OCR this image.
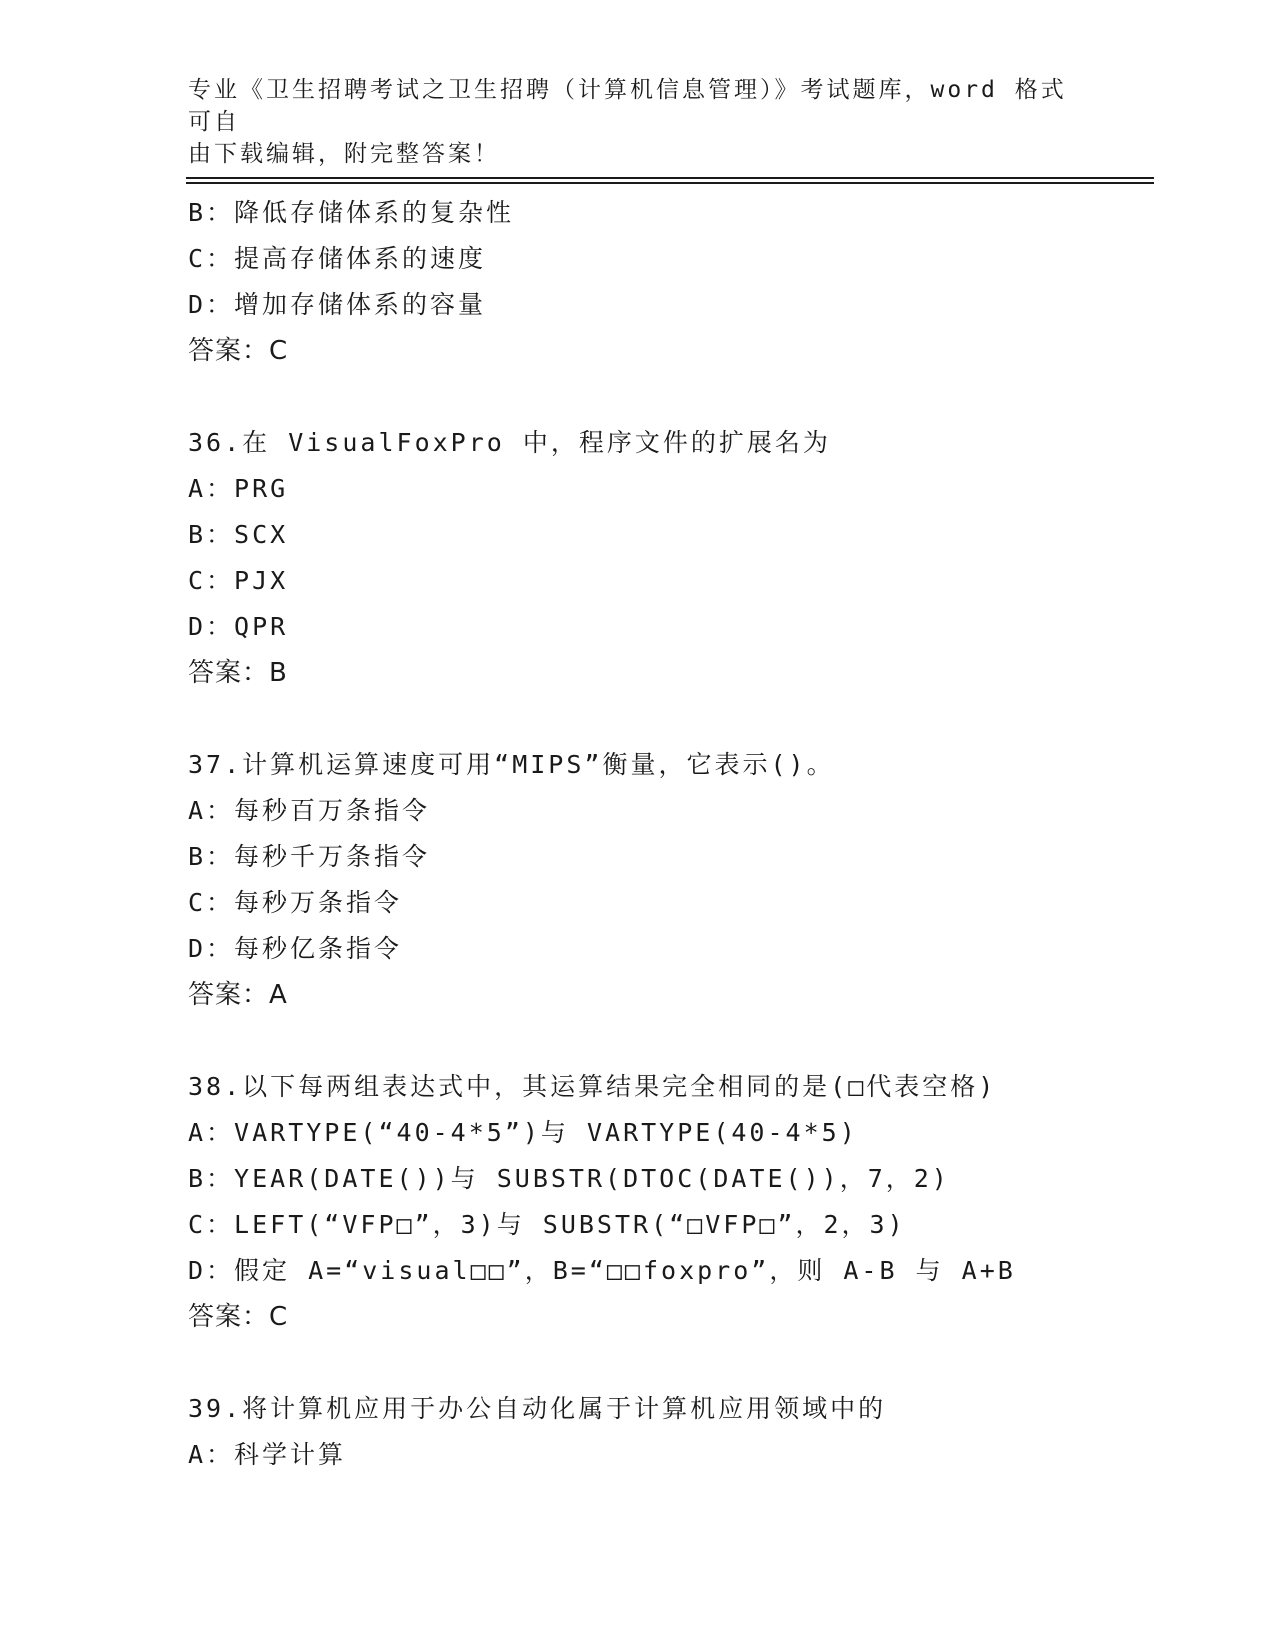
专业《卫生招聘考试之卫生招聘（计算机信息管理）》考试题库，word 格式可自
由下载编辑，附完整答案！
B：降低存储体系的复杂性
C：提高存储体系的速度
D：增加存储体系的容量
答案：C
36.在 VisualFoxPro 中，程序文件的扩展名为
A：PRG
B：SCX
C：PJX
D：QPR
答案：B
37.计算机运算速度可用“MIPS”衡量，它表示()。
A：每秒百万条指令
B：每秒千万条指令
C：每秒万条指令
D：每秒亿条指令
答案：A
38.以下每两组表达式中，其运算结果完全相同的是(□代表空格)
A：VARTYPE(“40-4*5”)与 VARTYPE(40-4*5)
B：YEAR(DATE())与 SUBSTR(DTOC(DATE())，7，2)
C：LEFT(“VFP□”，3)与 SUBSTR(“□VFP□”，2，3)
D：假定 A=“visual□□”，B=“□□foxpro”，则 A-B 与 A+B
答案：C
39.将计算机应用于办公自动化属于计算机应用领域中的
A：科学计算
